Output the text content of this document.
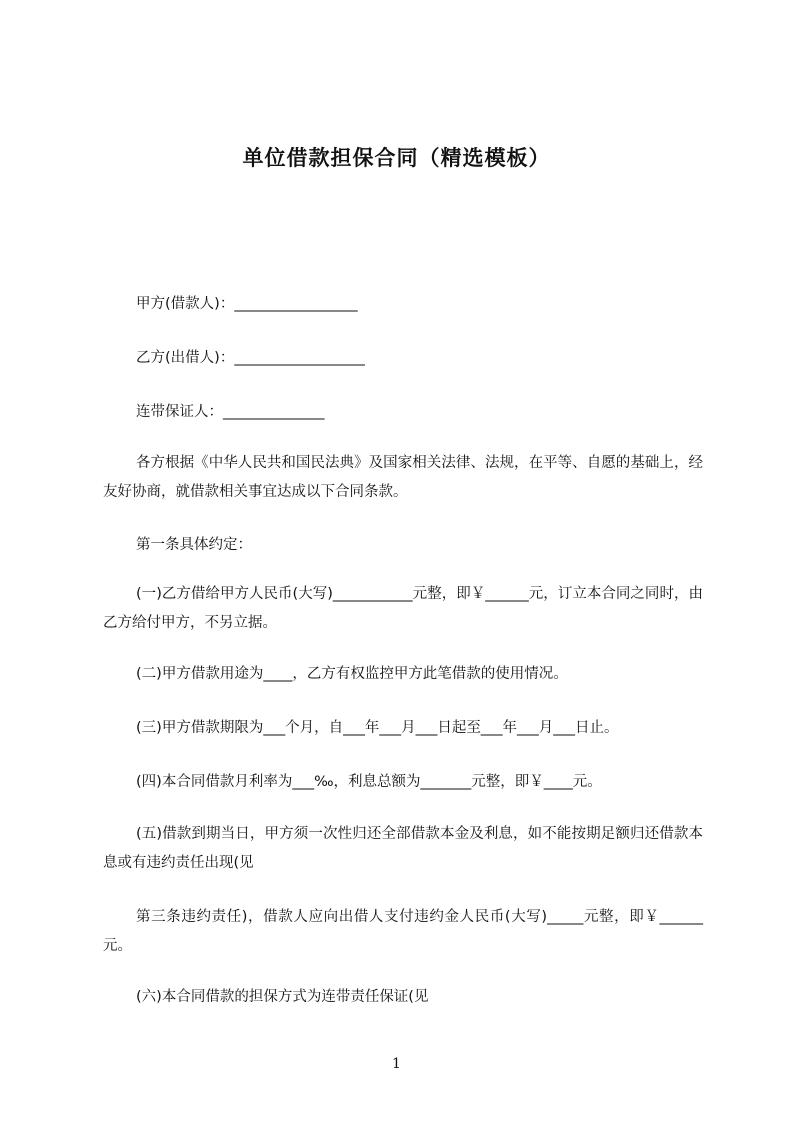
单位借款担保合同（精选模板）
甲方(借款人)：_________________
乙方(出借人)：__________________
连带保证人：______________
各方根据《中华人民共和国民法典》及国家相关法律、法规，在平等、自愿的基础上，经友好协商，就借款相关事宜达成以下合同条款。
第一条具体约定：
(一)乙方借给甲方人民币(大写)___________元整，即￥______元，订立本合同之同时，由乙方给付甲方，不另立据。
(二)甲方借款用途为____，乙方有权监控甲方此笔借款的使用情况。
(三)甲方借款期限为___个月，自___年___月___日起至___年___月___日止。
(四)本合同借款月利率为___‰，利息总额为_______元整，即￥____元。
(五)借款到期当日，甲方须一次性归还全部借款本金及利息，如不能按期足额归还借款本息或有违约责任出现(见
第三条违约责任)，借款人应向出借人支付违约金人民币(大写)_____元整，即￥______元。
(六)本合同借款的担保方式为连带责任保证(见
1
